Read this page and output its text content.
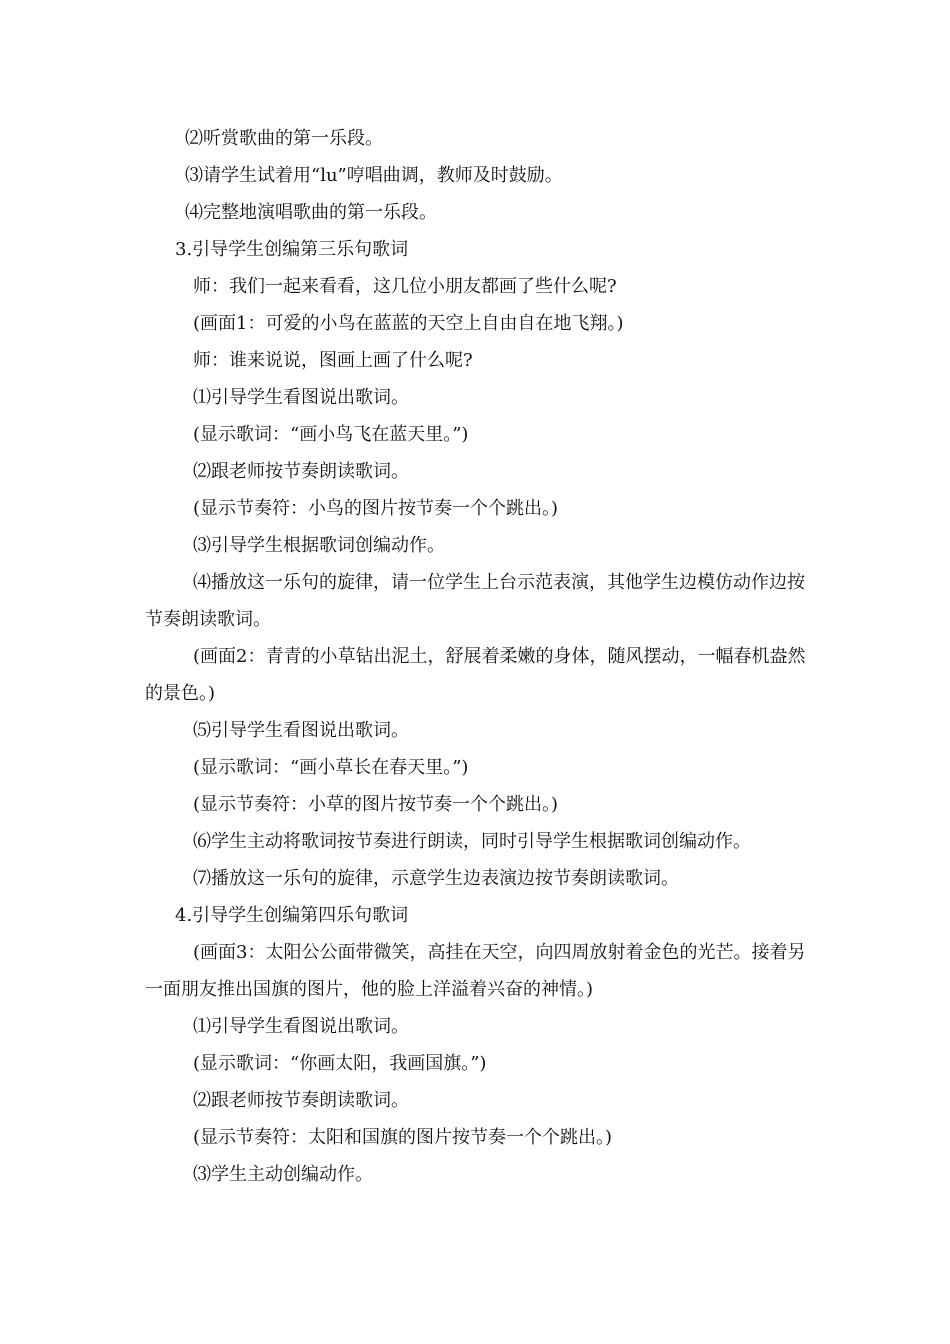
⑵听赏歌曲的第一乐段。
⑶请学生试着用“lu”哼唱曲调，教师及时鼓励。
⑷完整地演唱歌曲的第一乐段。
3.引导学生创编第三乐句歌词
师：我们一起来看看，这几位小朋友都画了些什么呢?
(画面1：可爱的小鸟在蓝蓝的天空上自由自在地飞翔。)
师：谁来说说，图画上画了什么呢?
⑴引导学生看图说出歌词。
(显示歌词：“画小鸟飞在蓝天里。”)
⑵跟老师按节奏朗读歌词。
(显示节奏符：小鸟的图片按节奏一个个跳出。)
⑶引导学生根据歌词创编动作。
⑷播放这一乐句的旋律，请一位学生上台示范表演，其他学生边模仿动作边按节奏朗读歌词。
(画面2：青青的小草钻出泥土，舒展着柔嫩的身体，随风摆动，一幅春机盎然的景色。)
⑸引导学生看图说出歌词。
(显示歌词：“画小草长在春天里。”)
(显示节奏符：小草的图片按节奏一个个跳出。)
⑹学生主动将歌词按节奏进行朗读，同时引导学生根据歌词创编动作。
⑺播放这一乐句的旋律，示意学生边表演边按节奏朗读歌词。
4.引导学生创编第四乐句歌词
(画面3：太阳公公面带微笑，高挂在天空，向四周放射着金色的光芒。接着另一面朋友推出国旗的图片，他的脸上洋溢着兴奋的神情。)
⑴引导学生看图说出歌词。
(显示歌词：“你画太阳，我画国旗。”)
⑵跟老师按节奏朗读歌词。
(显示节奏符：太阳和国旗的图片按节奏一个个跳出。)
⑶学生主动创编动作。
